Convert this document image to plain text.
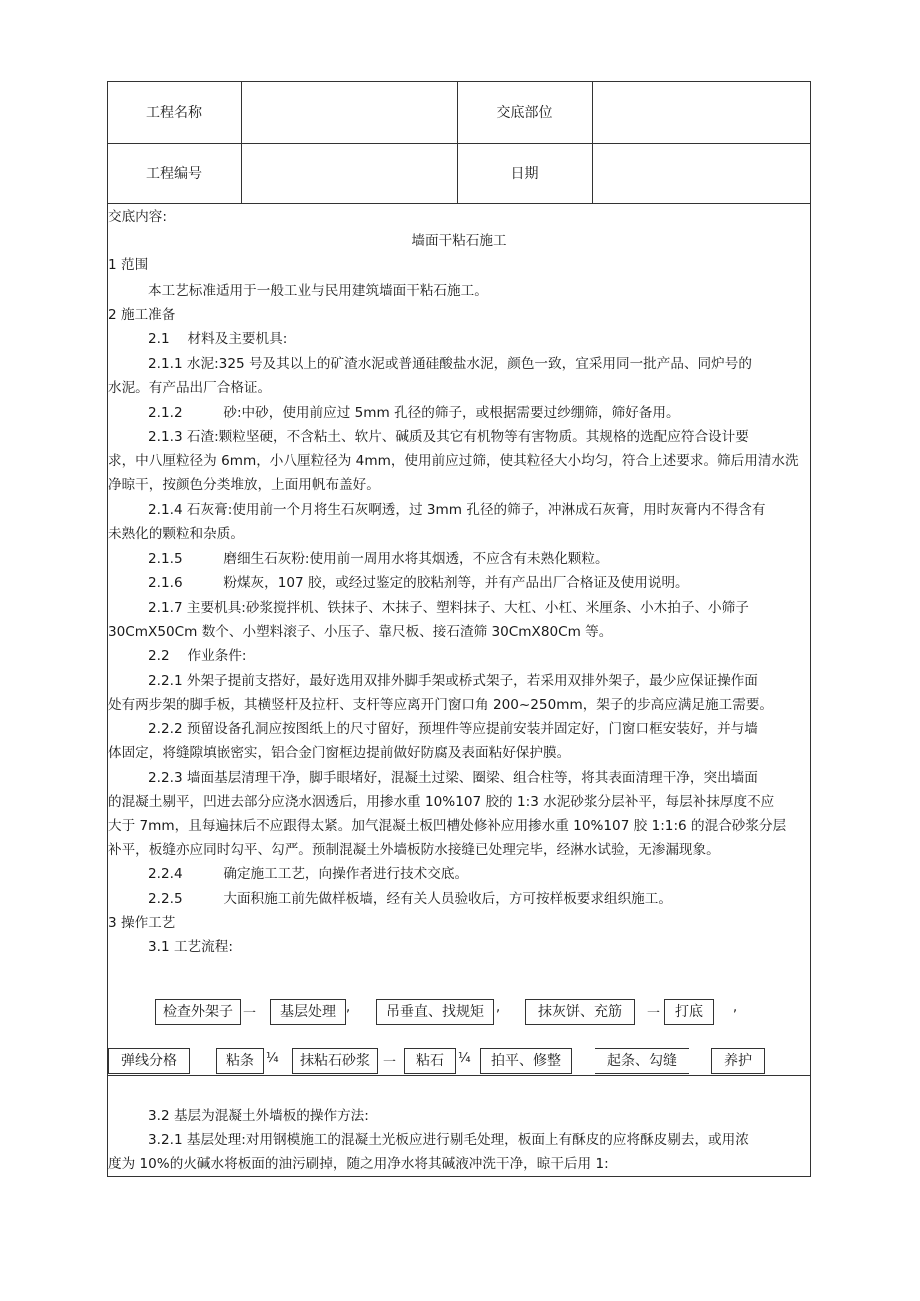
工程名称	交底部位
工程编号	日期
交底内容:
墙面干粘石施工
1 范围
本工艺标准适用于一般工业与民用建筑墙面干粘石施工。
2 施工准备
2.1　 材料及主要机具:
2.1.1 水泥:325 号及其以上的矿渣水泥或普通硅酸盐水泥，颜色一致，宜采用同一批产品、同炉号的
水泥。有产品出厂合格证。
2.1.2　　　砂:中砂，使用前应过 5mm 孔径的筛子，或根据需要过纱绷筛，筛好备用。
2.1.3 石渣:颗粒坚硬，不含粘土、软片、碱质及其它有机物等有害物质。其规格的选配应符合设计要
求，中八厘粒径为 6mm，小八厘粒径为 4mm，使用前应过筛，使其粒径大小均匀，符合上述要求。筛后用清水洗
净晾干，按颜色分类堆放，上面用帆布盖好。
2.1.4 石灰膏:使用前一个月将生石灰啊透，过 3mm 孔径的筛子，冲淋成石灰膏，用时灰膏内不得含有
未熟化的颗粒和杂质。
2.1.5　　　磨细生石灰粉:使用前一周用水将其烟透，不应含有未熟化颗粒。
2.1.6　　　粉煤灰，107 胶，或经过鉴定的胶粘剂等，并有产品出厂合格证及使用说明。
2.1.7 主要机具:砂浆搅拌机、铁抹子、木抹子、塑料抹子、大杠、小杠、米厘条、小木拍子、小筛子
30CmX50Cm 数个、小塑料滚子、小压子、靠尺板、接石渣筛 30CmX80Cm 等。
2.2　 作业条件:
2.2.1 外架子提前支搭好，最好选用双排外脚手架或桥式架子，若采用双排外架子，最少应保证操作面
处有两步架的脚手板，其横竖杆及拉杆、支杆等应离开门窗口角 200~250mm，架子的步高应满足施工需要。
2.2.2 预留设备孔洞应按图纸上的尺寸留好，预埋件等应提前安装并固定好，门窗口框安装好，并与墙
体固定，将缝隙填嵌密实，铝合金门窗框边提前做好防腐及表面粘好保护膜。
2.2.3 墙面基层清理干净，脚手眼堵好，混凝土过梁、圈梁、组合柱等，将其表面清理干净，突出墙面
的混凝土剔平，凹进去部分应浇水洇透后，用掺水重 10%107 胶的 1:3 水泥砂浆分层补平，每层补抹厚度不应
大于 7mm，且每遍抹后不应跟得太紧。加气混凝土板凹槽处修补应用掺水重 10%107 胶 1:1:6 的混合砂浆分层
补平，板缝亦应同时勾平、勾严。预制混凝土外墙板防水接缝已处理完毕，经淋水试验，无渗漏现象。
2.2.4　　　确定施工工艺，向操作者进行技术交底。
2.2.5　　　大面积施工前先做样板墙，经有关人员验收后，方可按样板要求组织施工。
3 操作工艺
3.1 工艺流程:
检查外架子 一	基层处理 ,	吊垂直、找规矩 ,	抹灰饼、充筋	一	打底	,
弹线分格	粘条 ¼	抹粘石砂浆	一	粘石	¼	拍平、修整	起条、勾缝	养护
3.2 基层为混凝土外墙板的操作方法:
3.2.1 基层处理:对用钢模施工的混凝土光板应进行剔毛处理，板面上有酥皮的应将酥皮剔去，或用浓
度为 10%的火碱水将板面的油污刷掉，随之用净水将其碱液冲洗干净，晾干后用 1:
